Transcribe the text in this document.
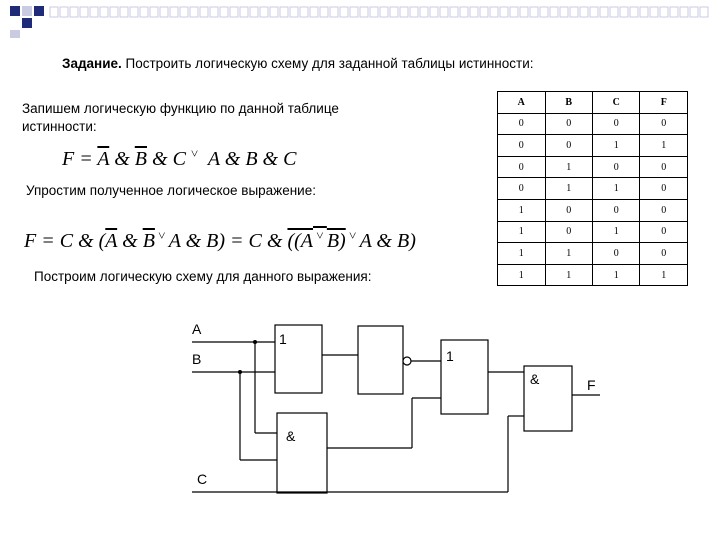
Задание. Построить логическую схему для заданной таблицы истинности:
Запишем логическую функцию по данной таблице истинности:
$F = \overline{A}$ & $\overline{B}$ & C ˅  A & B & C
Упростим полученное логическое выражение:
F = C & ($\overline{A}$ & $\overline{B}$ ˅ A & B) = C & ((A ˅ B) ˅ A & B)
Построим логическую схему для данного выражения:
A	B	C	F
0	0	0	0
0	0	1	1
0	1	0	0
0	1	1	0
1	0	0	0
1	0	1	0
1	1	0	0
1	1	1	1
A
B
C
1
&
1
&	F
